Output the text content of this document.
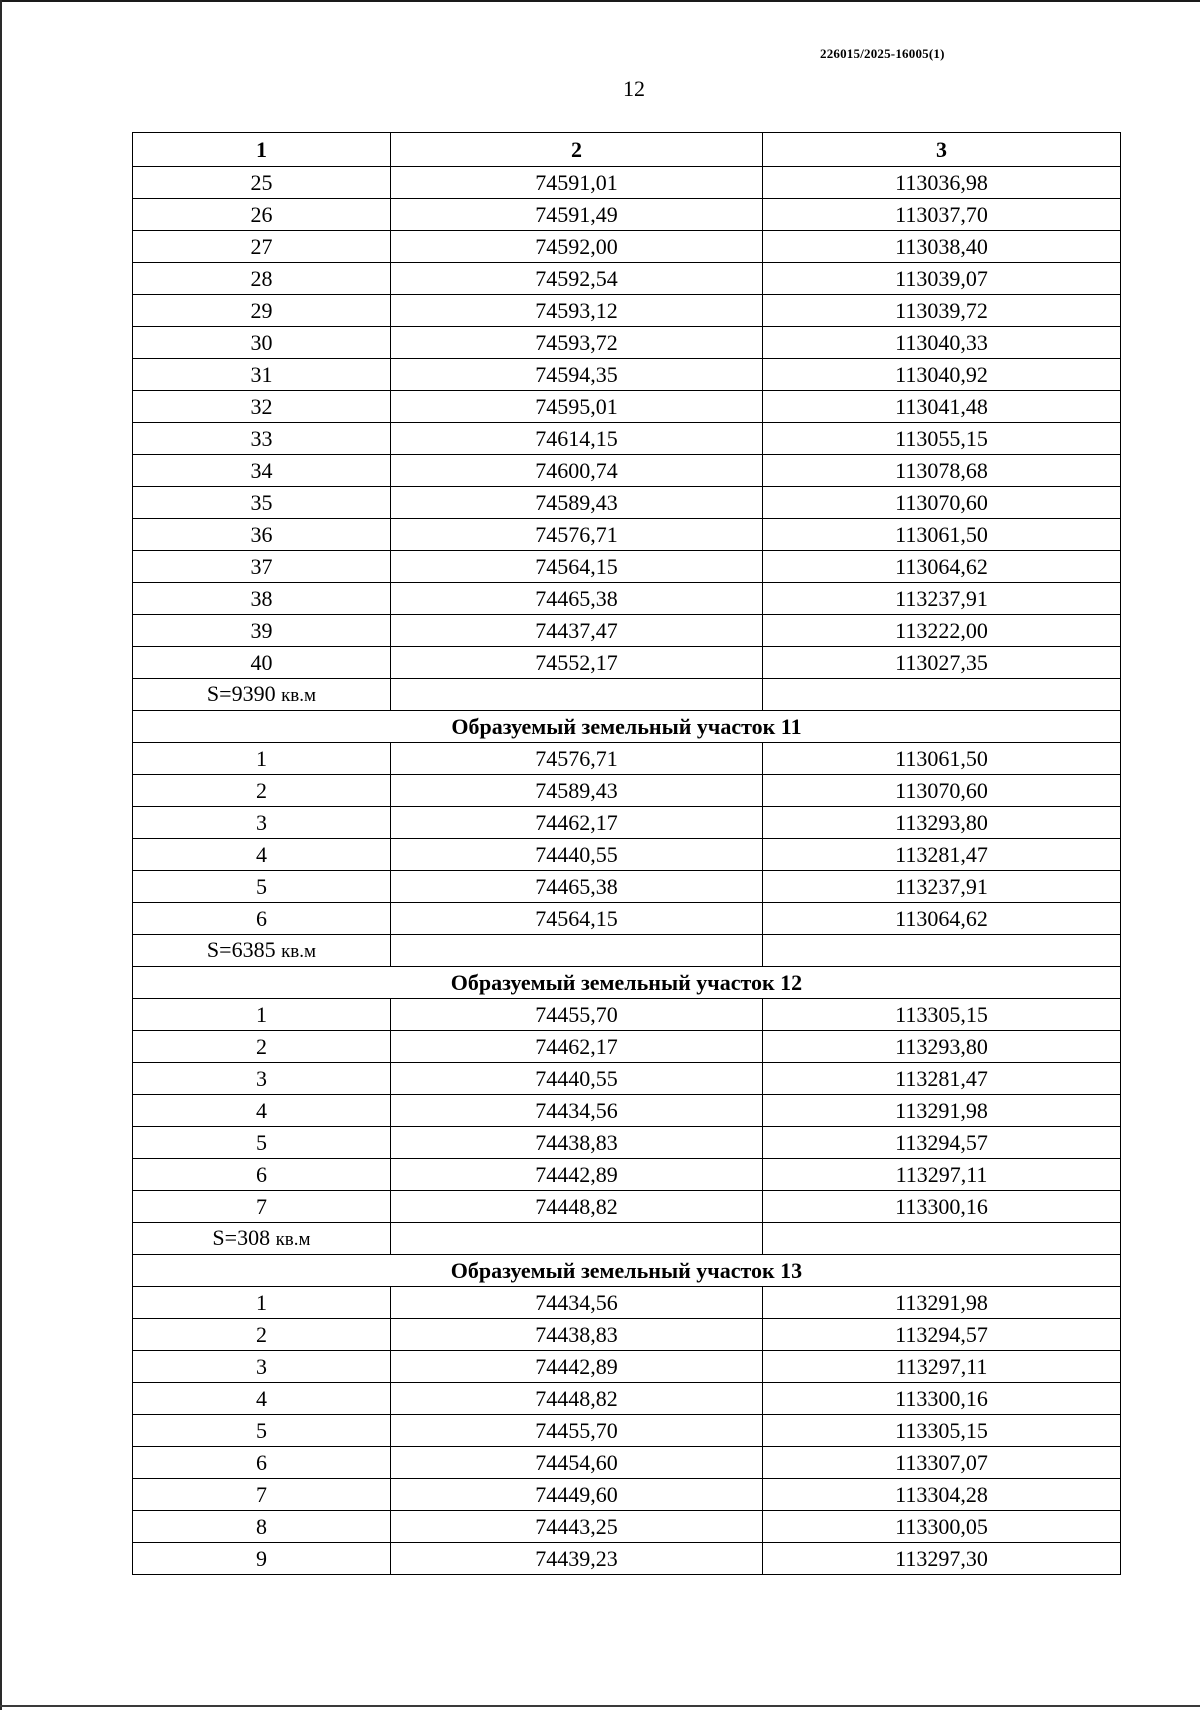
226015/2025-16005(1)
12
1	2	3
25	74591,01	113036,98
26	74591,49	113037,70
27	74592,00	113038,40
28	74592,54	113039,07
29	74593,12	113039,72
30	74593,72	113040,33
31	74594,35	113040,92
32	74595,01	113041,48
33	74614,15	113055,15
34	74600,74	113078,68
35	74589,43	113070,60
36	74576,71	113061,50
37	74564,15	113064,62
38	74465,38	113237,91
39	74437,47	113222,00
40	74552,17	113027,35
S=9390 кв.м		
Образуемый земельный участок 11		
1	74576,71	113061,50
2	74589,43	113070,60
3	74462,17	113293,80
4	74440,55	113281,47
5	74465,38	113237,91
6	74564,15	113064,62
S=6385 кв.м		
Образуемый земельный участок 12		
1	74455,70	113305,15
2	74462,17	113293,80
3	74440,55	113281,47
4	74434,56	113291,98
5	74438,83	113294,57
6	74442,89	113297,11
7	74448,82	113300,16
S=308 кв.м		
Образуемый земельный участок 13		
1	74434,56	113291,98
2	74438,83	113294,57
3	74442,89	113297,11
4	74448,82	113300,16
5	74455,70	113305,15
6	74454,60	113307,07
7	74449,60	113304,28
8	74443,25	113300,05
9	74439,23	113297,30
